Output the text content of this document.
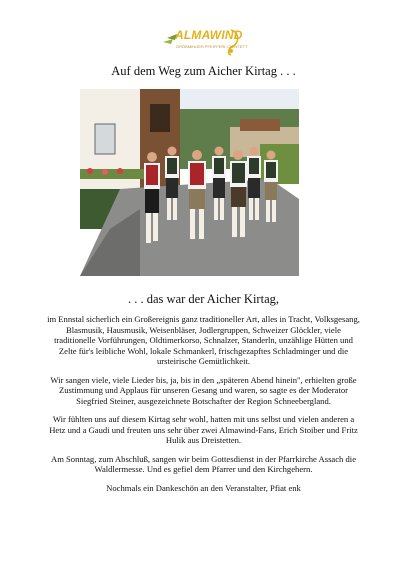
ALMAWIND
GRÖBMINGER PFEIFFERL QUINTETT
Auf dem Weg zum Aicher Kirtag . . .
. . . das war der Aicher Kirtag,

im Ennstal sicherlich ein Großereignis ganz traditioneller Art, alles in Tracht, Volksgesang, Blasmusik, Hausmusik, Weisenbläser, Jodlergruppen, Schweizer Glöckler, viele traditionelle Vorführungen, Oldtimerkorso, Schnalzer, Standerln, unzählige Hütten und Zelte für's leibliche Wohl, lokale Schmankerl, frischgezapftes Schladminger und die ursteirische Gemütlichkeit.

Wir sangen viele, viele Lieder bis, ja, bis in den „späteren Abend hinein", erhielten große Zustimmung und Applaus für unseren Gesang und waren, so sagte es der Moderator Siegfried Steiner, ausgezeichnete Botschafter der Region Schneebergland.

Wir fühlten uns auf diesem Kirtag sehr wohl, hatten mit uns selbst und vielen anderen a Hetz und a Gaudi und freuten uns sehr über zwei Almawind-Fans, Erich Stoiber und Fritz Hulik aus Dreistetten.

Am Sonntag, zum Abschluß, sangen wir beim Gottesdienst in der Pfarrkirche Assach die Waldlermesse. Und es gefiel dem Pfarrer und den Kirchgehern.

Nochmals ein Dankeschön an den Veranstalter, Pfiat enk
